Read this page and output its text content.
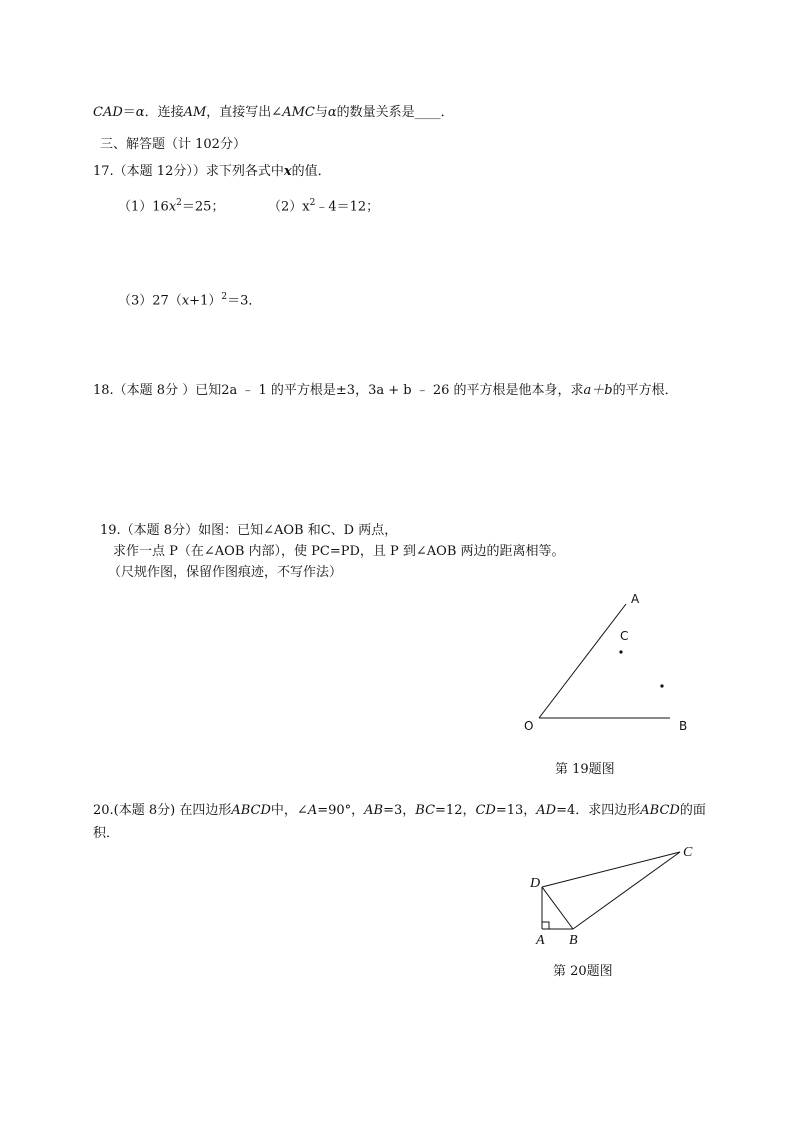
CAD＝α．连接AM，直接写出∠AMC与α的数量关系是____．
三、解答题（计 102分）
17.（本题 12分））求下列各式中x的值．
$(1)16x^2=25$；	$(2)x^2﹣4=12$；
$(3)27(x+1)^2=3$．
18.（本题 8分 ）已知2a ﹣ 1 的平方根是±3，3a + b ﹣ 26 的平方根是他本身，求a＋b的平方根．
19.（本题 8分）如图：已知∠AOB 和C、D 两点，
求作一点 P（在∠AOB 内部），使 PC=PD，且 P 到∠AOB 两边的距离相等。
（尺规作图，保留作图痕迹，不写作法）
A
C
O	B
第 19题图
20.(本题 8分) 在四边形ABCD中，∠A=90°，AB=3，BC=12，CD=13，AD=4．求四边形ABCD的面
积．
D
A B
C
第 20题图
